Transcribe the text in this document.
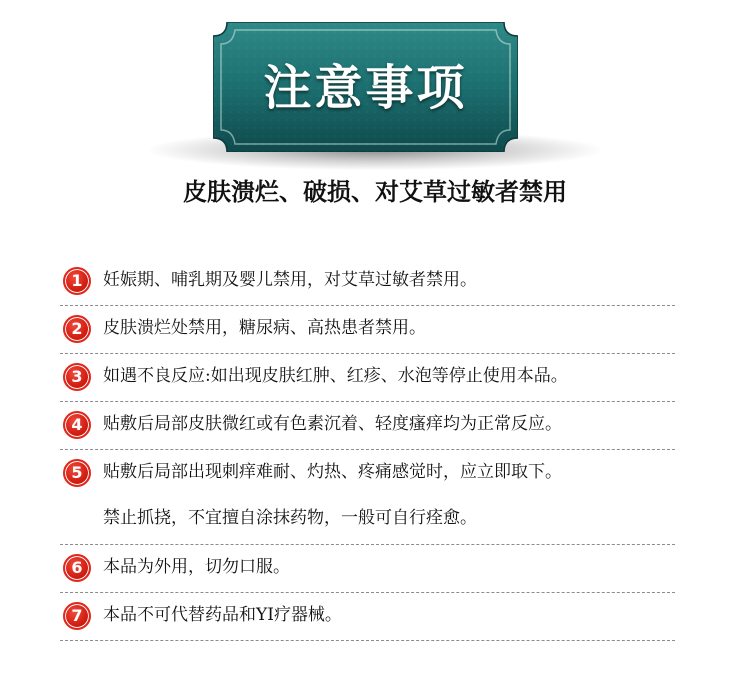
注意事项
皮肤溃烂、破损、对艾草过敏者禁用
1	妊娠期、哺乳期及婴儿禁用，对艾草过敏者禁用。
2	皮肤溃烂处禁用，糖尿病、高热患者禁用。
3	如遇不良反应:如出现皮肤红肿、红疹、水泡等停止使用本品。
4	贴敷后局部皮肤微红或有色素沉着、轻度瘙痒均为正常反应。
5	贴敷后局部出现刺痒难耐、灼热、疼痛感觉时，应立即取下。
禁止抓挠，不宜擅自涂抹药物，一般可自行痊愈。
6	本品为外用，切勿口服。
7	本品不可代替药品和YI疗器械。
